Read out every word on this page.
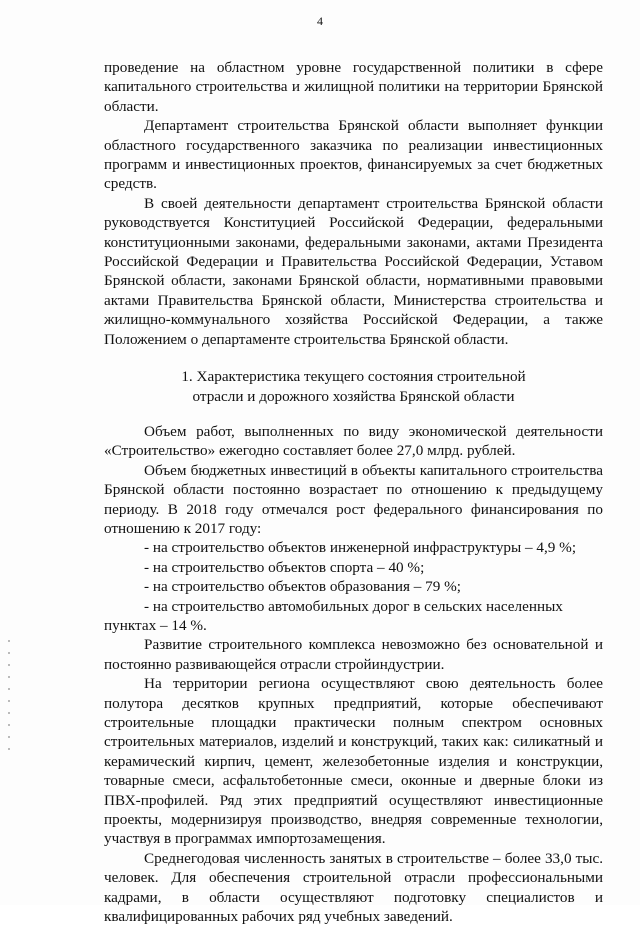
4

проведение на областном уровне государственной политики в сфере капитального строительства и жилищной политики на территории Брянской области.

Департамент строительства Брянской области выполняет функции областного государственного заказчика по реализации инвестиционных программ и инвестиционных проектов, финансируемых за счет бюджетных средств.

В своей деятельности департамент строительства Брянской области руководствуется Конституцией Российской Федерации, федеральными конституционными законами, федеральными законами, актами Президента Российской Федерации и Правительства Российской Федерации, Уставом Брянской области, законами Брянской области, нормативными правовыми актами Правительства Брянской области, Министерства строительства и жилищно-коммунального хозяйства Российской Федерации, а также Положением о департаменте строительства Брянской области.

1. Характеристика текущего состояния строительной
отрасли и дорожного хозяйства Брянской области

Объем работ, выполненных по виду экономической деятельности «Строительство» ежегодно составляет более 27,0 млрд. рублей.

Объем бюджетных инвестиций в объекты капитального строительства Брянской области постоянно возрастает по отношению к предыдущему периоду. В 2018 году отмечался рост федерального финансирования по отношению к 2017 году:

- на строительство объектов инженерной инфраструктуры – 4,9 %;

- на строительство объектов спорта – 40 %;

- на строительство объектов образования – 79 %;

- на строительство автомобильных дорог в сельских населенных пунктах – 14 %.

Развитие строительного комплекса невозможно без основательной и постоянно развивающейся отрасли стройиндустрии.

На территории региона осуществляют свою деятельность более полутора десятков крупных предприятий, которые обеспечивают строительные площадки практически полным спектром основных строительных материалов, изделий и конструкций, таких как: силикатный и керамический кирпич, цемент, железобетонные изделия и конструкции, товарные смеси, асфальтобетонные смеси, оконные и дверные блоки из ПВХ-профилей. Ряд этих предприятий осуществляют инвестиционные проекты, модернизируя производство, внедряя современные технологии, участвуя в программах импортозамещения.

Среднегодовая численность занятых в строительстве – более 33,0 тыс. человек. Для обеспечения строительной отрасли профессиональными кадрами, в области осуществляют подготовку специалистов и квалифицированных рабочих ряд учебных заведений.
